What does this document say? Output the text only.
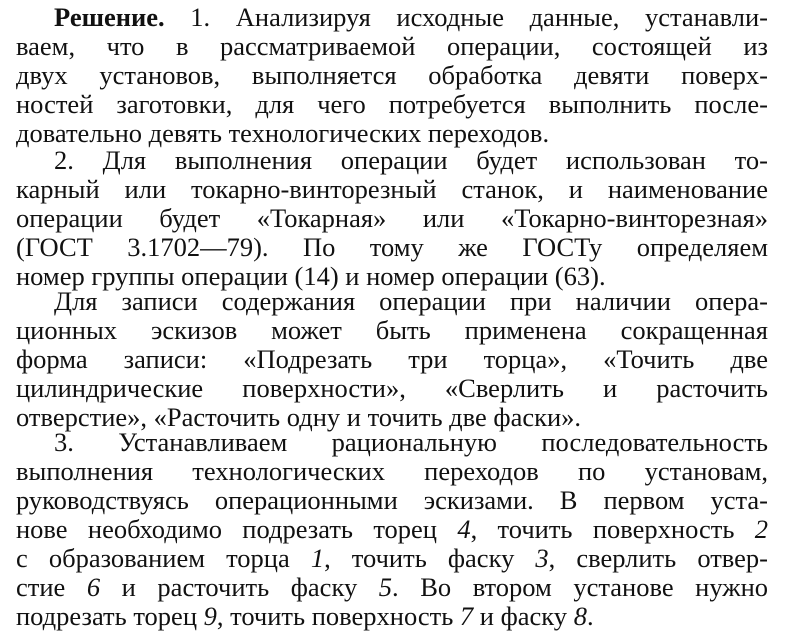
Решение. 1. Анализируя исходные данные, устанавли-
ваем, что в рассматриваемой операции, состоящей из
двух установов, выполняется обработка девяти поверх-
ностей заготовки, для чего потребуется выполнить после-
довательно девять технологических переходов.
2. Для выполнения операции будет использован то-
карный или токарно-винторезный станок, и наименование
операции будет «Токарная» или «Токарно-винторезная»
(ГОСТ 3.1702—79). По тому же ГОСТу определяем
номер группы операции (14) и номер операции (63).
Для записи содержания операции при наличии опера-
ционных эскизов может быть применена сокращенная
форма записи: «Подрезать три торца», «Точить две
цилиндрические поверхности», «Сверлить и расточить
отверстие», «Расточить одну и точить две фаски».
3. Устанавливаем рациональную последовательность
выполнения технологических переходов по установам,
руководствуясь операционными эскизами. В первом уста-
нове необходимо подрезать торец 4, точить поверхность 2
с образованием торца 1, точить фаску 3, сверлить отвер-
стие 6 и расточить фаску 5. Во втором установе нужно
подрезать торец 9, точить поверхность 7 и фаску 8.
